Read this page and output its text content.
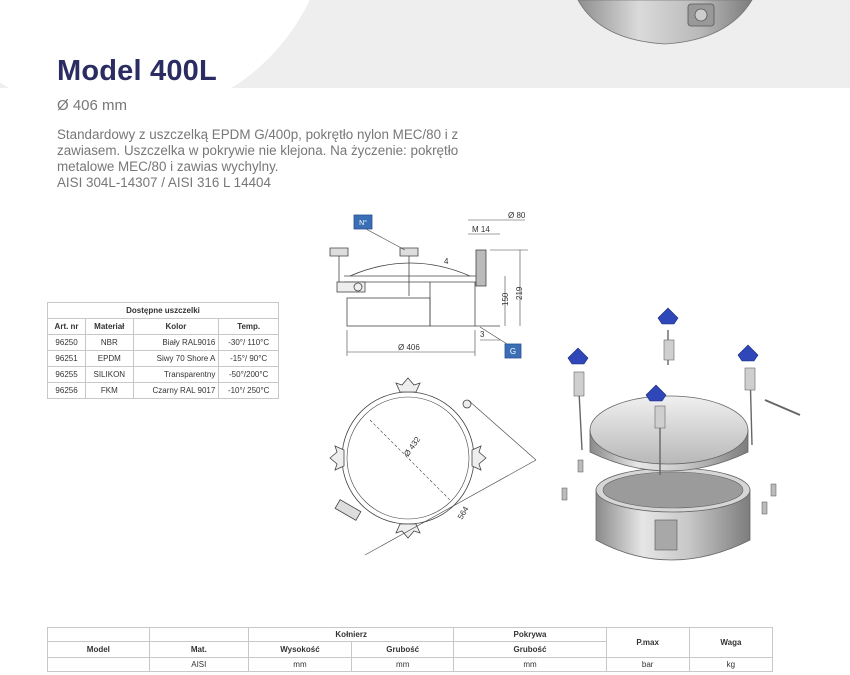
Model 400L
Ø 406 mm
Standardowy z uszczelką EPDM G/400p, pokrętło nylon MEC/80 i z
zawiasem. Uszczelka w pokrywie nie klejona. Na życzenie: pokrętło
metalowe MEC/80 i zawias wychylny.
AISI 304L-14307 / AISI 316 L 14404
Dostępne uszczelki			
Art. nr	Materiał	Kolor	Temp.
96250	NBR	Biały RAL9016	-30°/ 110°C
96251	EPDM	Siwy 70 Shore A	-15°/ 90°C
96255	SILIKON	Transparentny	-50°/200°C
96256	FKM	Czarny RAL 9017	-10°/ 250°C
N°
G
Ø 80
M 14
4
219
150
3
Ø 406
Ø 432
564
		Kołnierz		Pokrywa	P.max	Waga
Model	Mat.	Wysokość	Grubość	Grubość		
	AISI	mm	mm	mm	bar	kg
